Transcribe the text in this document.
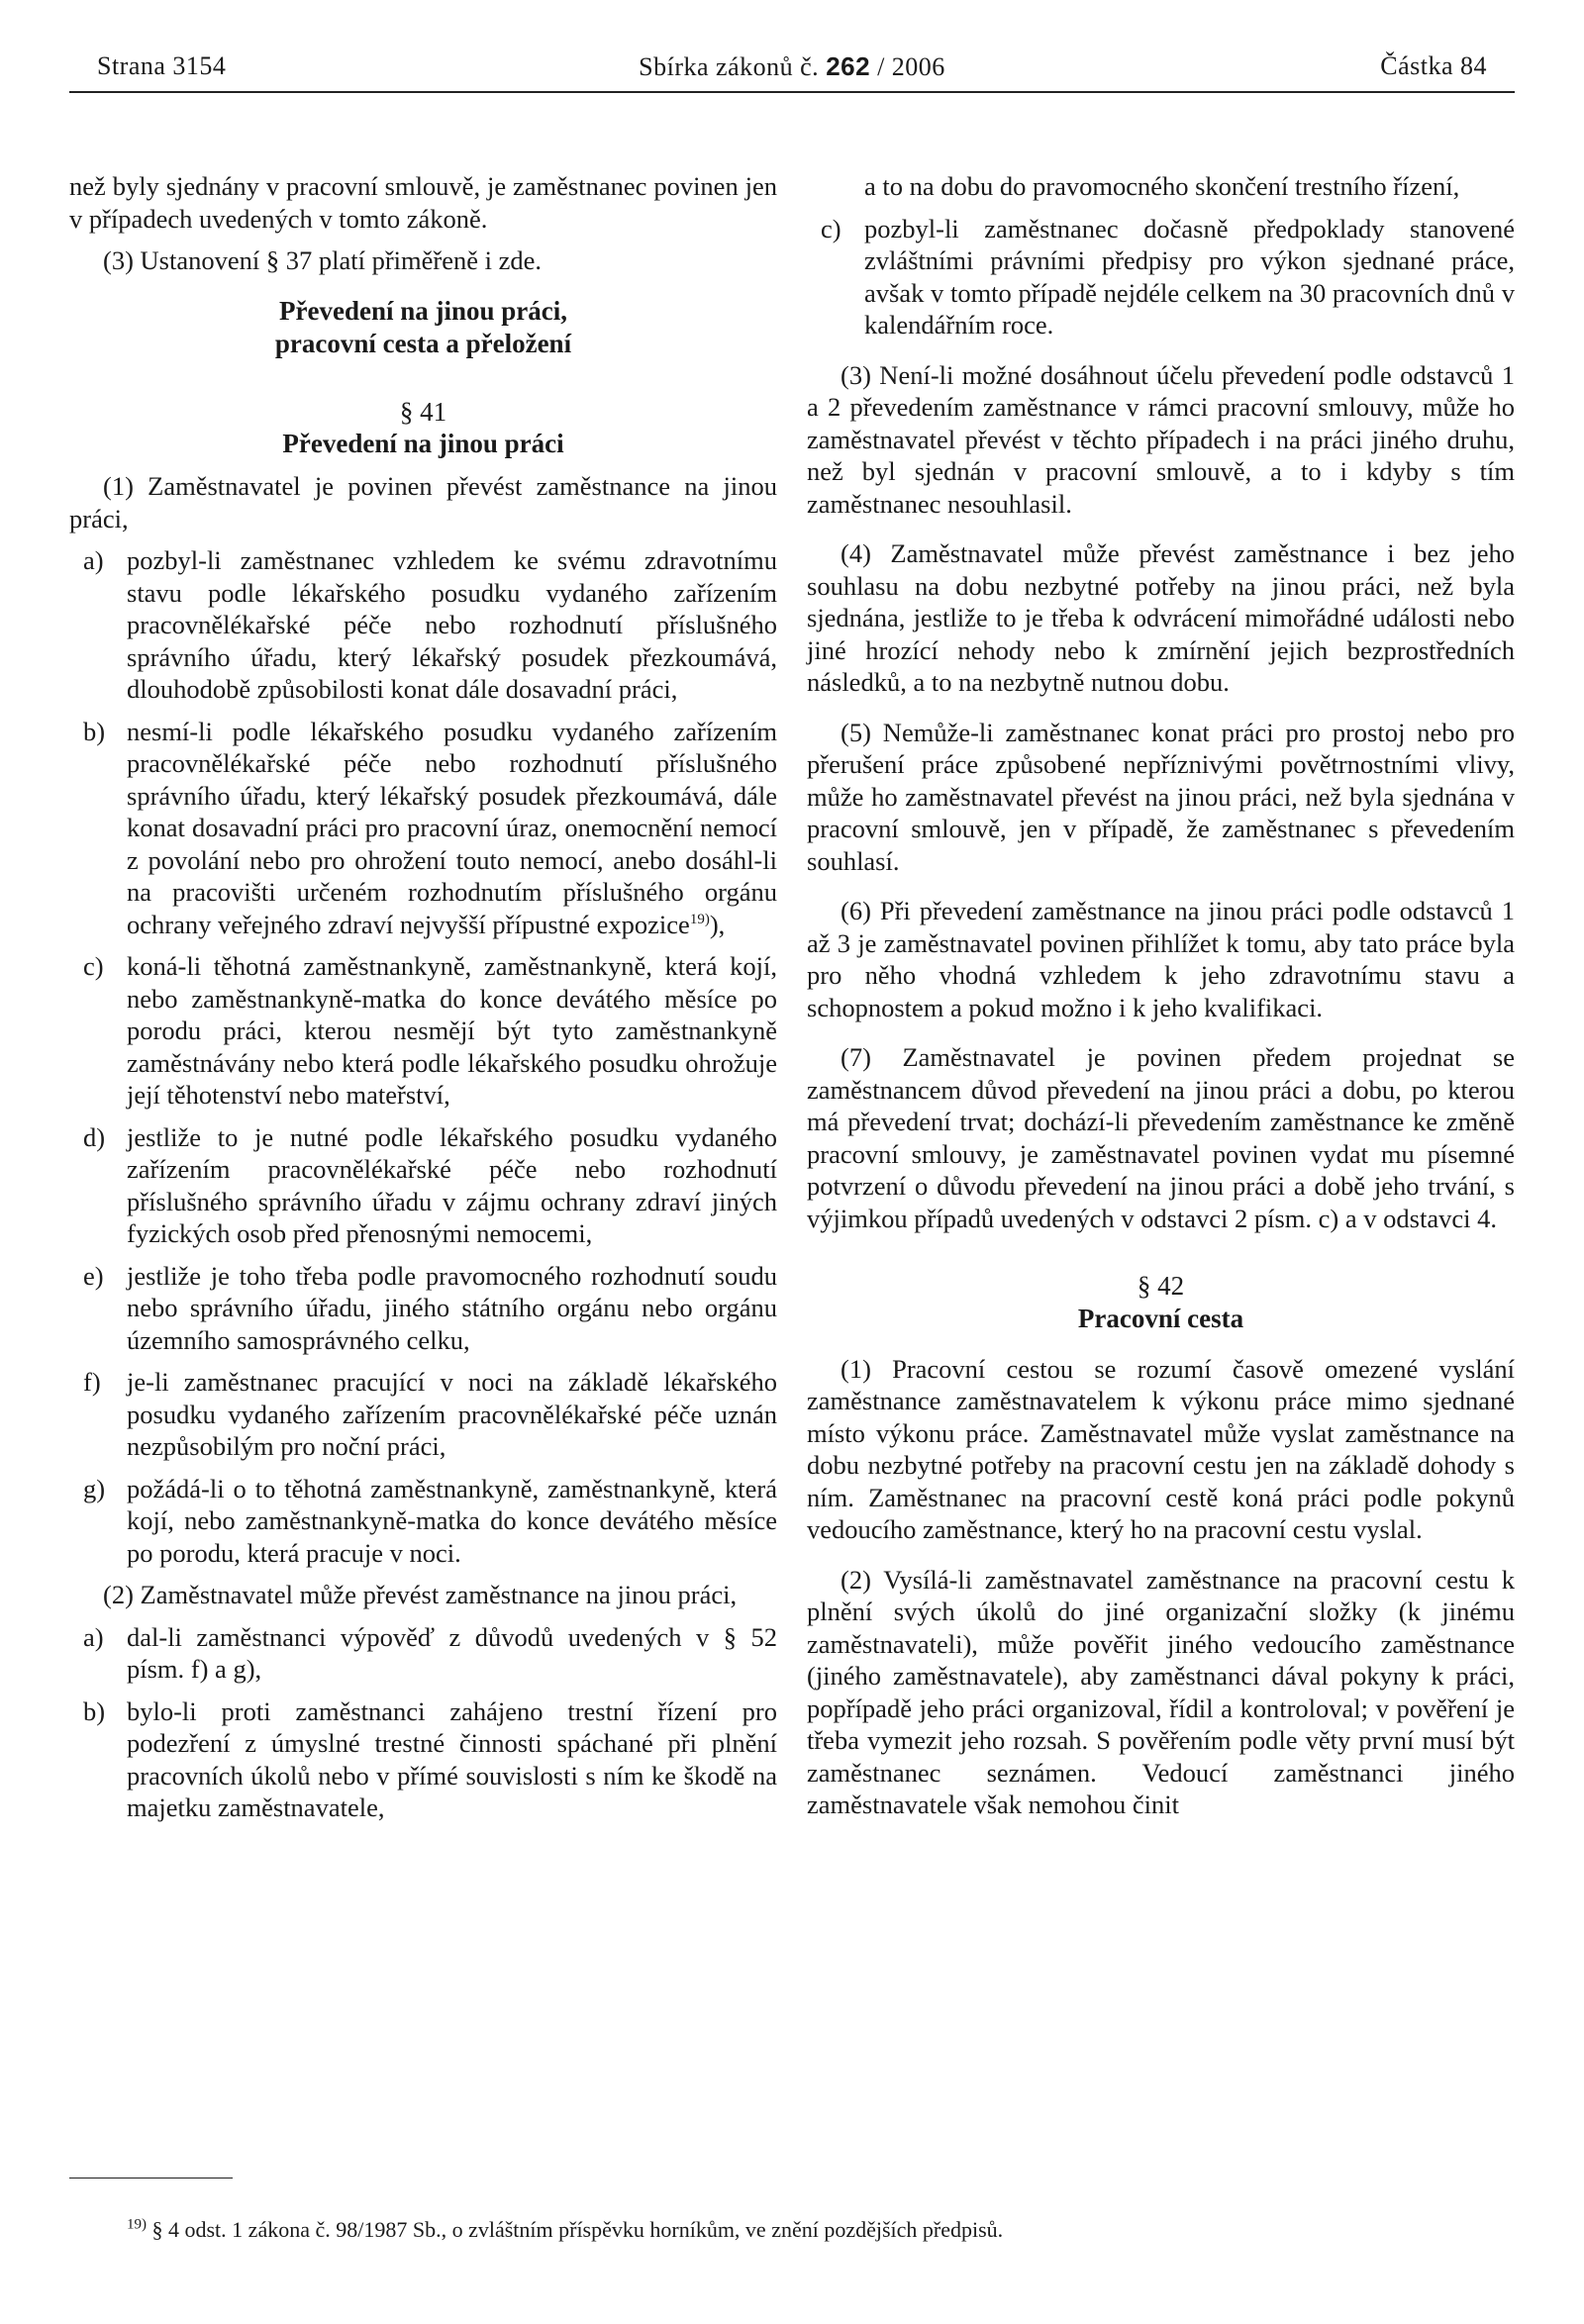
Strana 3154	Sbírka zákonů č. 262 / 2006	Částka 84

než byly sjednány v pracovní smlouvě, je zaměstnanec povinen jen v případech uvedených v tomto zákoně.

(3) Ustanovení § 37 platí přiměřeně i zde.

Převedení na jinou práci,

pracovní cesta a přeložení

§ 41

Převedení na jinou práci

(1) Zaměstnavatel je povinen převést zaměstnance na jinou práci,

a) pozbyl-li zaměstnanec vzhledem ke svému zdravotnímu stavu podle lékařského posudku vydaného zařízením pracovnělékařské péče nebo rozhodnutí příslušného správního úřadu, který lékařský posudek přezkoumává, dlouhodobě způsobilosti konat dále dosavadní práci,

b) nesmí-li podle lékařského posudku vydaného zařízením pracovnělékařské péče nebo rozhodnutí příslušného správního úřadu, který lékařský posudek přezkoumává, dále konat dosavadní práci pro pracovní úraz, onemocnění nemocí z povolání nebo pro ohrožení touto nemocí, anebo dosáhl-li na pracovišti určeném rozhodnutím příslušného orgánu ochrany veřejného zdraví nejvyšší přípustné expozice$^{19)}$),

c) koná-li těhotná zaměstnankyně, zaměstnankyně, která kojí, nebo zaměstnankyně-matka do konce devátého měsíce po porodu práci, kterou nesmějí být tyto zaměstnankyně zaměstnávány nebo která podle lékařského posudku ohrožuje její těhotenství nebo mateřství,

d) jestliže to je nutné podle lékařského posudku vydaného zařízením pracovnělékařské péče nebo rozhodnutí příslušného správního úřadu v zájmu ochrany zdraví jiných fyzických osob před přenosnými nemocemi,

e) jestliže je toho třeba podle pravomocného rozhodnutí soudu nebo správního úřadu, jiného státního orgánu nebo orgánu územního samosprávného celku,

f) je-li zaměstnanec pracující v noci na základě lékařského posudku vydaného zařízením pracovnělékařské péče uznán nezpůsobilým pro noční práci,

g) požádá-li o to těhotná zaměstnankyně, zaměstnankyně, která kojí, nebo zaměstnankyně-matka do konce devátého měsíce po porodu, která pracuje v noci.

(2) Zaměstnavatel může převést zaměstnance na jinou práci,

a) dal-li zaměstnanci výpověď z důvodů uvedených v § 52 písm. f) a g),

b) bylo-li proti zaměstnanci zahájeno trestní řízení pro podezření z úmyslné trestné činnosti spáchané při plnění pracovních úkolů nebo v přímé souvislosti s ním ke škodě na majetku zaměstnavatele,

a to na dobu do pravomocného skončení trestního řízení,

c) pozbyl-li zaměstnanec dočasně předpoklady stanovené zvláštními právními předpisy pro výkon sjednané práce, avšak v tomto případě nejdéle celkem na 30 pracovních dnů v kalendářním roce.

(3) Není-li možné dosáhnout účelu převedení podle odstavců 1 a 2 převedením zaměstnance v rámci pracovní smlouvy, může ho zaměstnavatel převést v těchto případech i na práci jiného druhu, než byl sjednán v pracovní smlouvě, a to i kdyby s tím zaměstnanec nesouhlasil.

(4) Zaměstnavatel může převést zaměstnance i bez jeho souhlasu na dobu nezbytné potřeby na jinou práci, než byla sjednána, jestliže to je třeba k odvrácení mimořádné události nebo jiné hrozící nehody nebo k zmírnění jejich bezprostředních následků, a to na nezbytně nutnou dobu.

(5) Nemůže-li zaměstnanec konat práci pro prostoj nebo pro přerušení práce způsobené nepříznivými povětrnostními vlivy, může ho zaměstnavatel převést na jinou práci, než byla sjednána v pracovní smlouvě, jen v případě, že zaměstnanec s převedením souhlasí.

(6) Při převedení zaměstnance na jinou práci podle odstavců 1 až 3 je zaměstnavatel povinen přihlížet k tomu, aby tato práce byla pro něho vhodná vzhledem k jeho zdravotnímu stavu a schopnostem a pokud možno i k jeho kvalifikaci.

(7) Zaměstnavatel je povinen předem projednat se zaměstnancem důvod převedení na jinou práci a dobu, po kterou má převedení trvat; dochází-li převedením zaměstnance ke změně pracovní smlouvy, je zaměstnavatel povinen vydat mu písemné potvrzení o důvodu převedení na jinou práci a době jeho trvání, s výjimkou případů uvedených v odstavci 2 písm. c) a v odstavci 4.

§ 42

Pracovní cesta

(1) Pracovní cestou se rozumí časově omezené vyslání zaměstnance zaměstnavatelem k výkonu práce mimo sjednané místo výkonu práce. Zaměstnavatel může vyslat zaměstnance na dobu nezbytné potřeby na pracovní cestu jen na základě dohody s ním. Zaměstnanec na pracovní cestě koná práci podle pokynů vedoucího zaměstnance, který ho na pracovní cestu vyslal.

(2) Vysílá-li zaměstnavatel zaměstnance na pracovní cestu k plnění svých úkolů do jiné organizační složky (k jinému zaměstnavateli), může pověřit jiného vedoucího zaměstnance (jiného zaměstnavatele), aby zaměstnanci dával pokyny k práci, popřípadě jeho práci organizoval, řídil a kontroloval; v pověření je třeba vymezit jeho rozsah. S pověřením podle věty první musí být zaměstnanec seznámen. Vedoucí zaměstnanci jiného zaměstnavatele však nemohou činit

$^{19)}$ § 4 odst. 1 zákona č. 98/1987 Sb., o zvláštním příspěvku horníkům, ve znění pozdějších předpisů.
